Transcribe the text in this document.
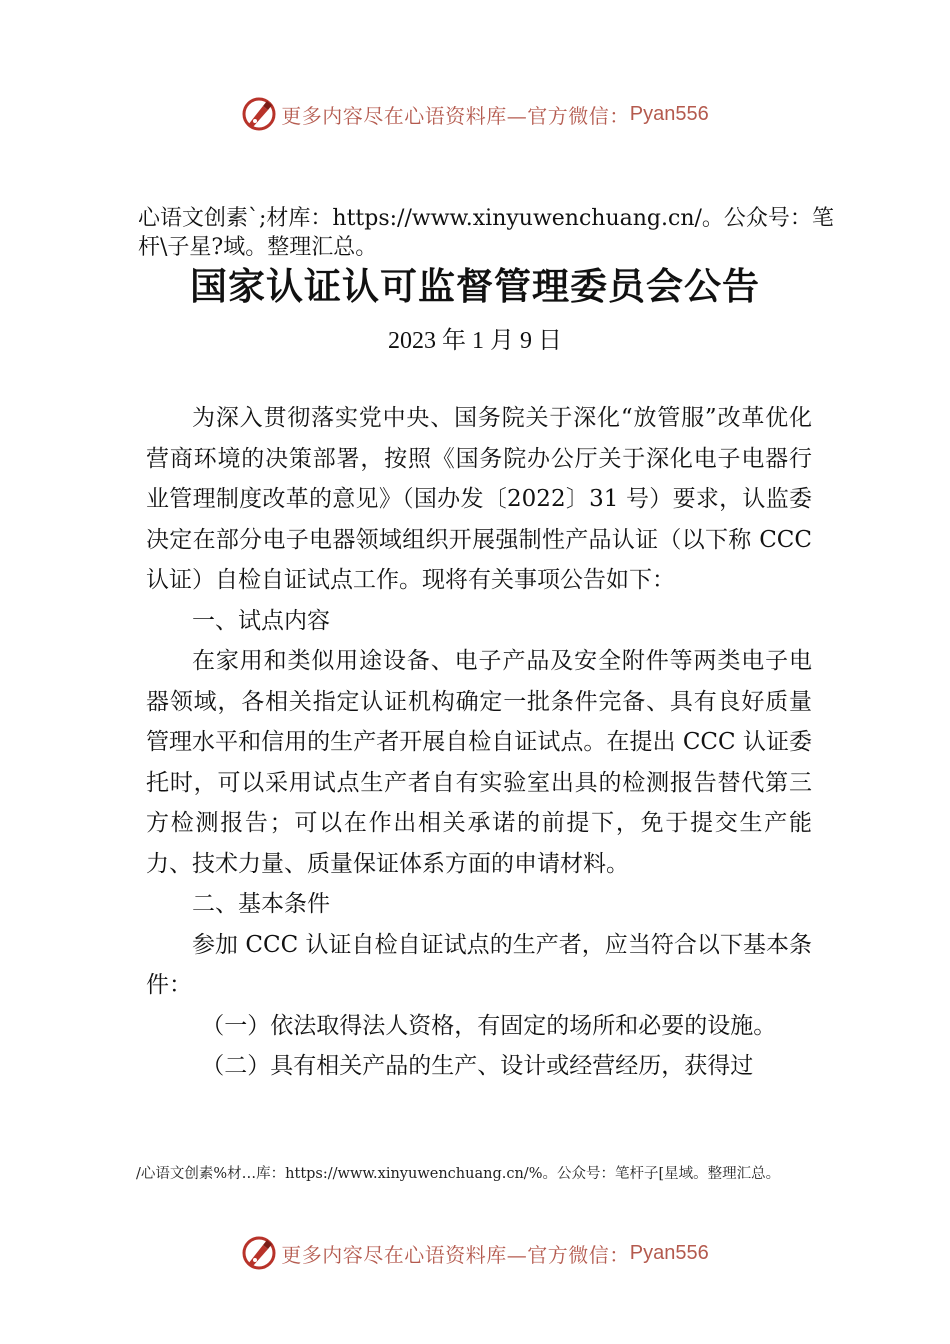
更多内容尽在心语资料库—官方微信： Pyan556
心语文创素`;材库：https://www.xinyuwenchuang.cn/。公众号：笔杆\子星?域。整理汇总。
国家认证认可监督管理委员会公告
2023 年 1 月 9 日

为深入贯彻落实党中央、国务院关于深化“放管服”改革优化营商环境的决策部署，按照《国务院办公厅关于深化电子电器行业管理制度改革的意见》（国办发〔2022〕31 号）要求，认监委决定在部分电子电器领域组织开展强制性产品认证（以下称 CCC 认证）自检自证试点工作。现将有关事项公告如下：

一、试点内容

在家用和类似用途设备、电子产品及安全附件等两类电子电器领域，各相关指定认证机构确定一批条件完备、具有良好质量管理水平和信用的生产者开展自检自证试点。在提出 CCC 认证委托时，可以采用试点生产者自有实验室出具的检测报告替代第三方检测报告；可以在作出相关承诺的前提下，免于提交生产能力、技术力量、质量保证体系方面的申请材料。

二、基本条件

参加 CCC 认证自检自证试点的生产者，应当符合以下基本条件：

（一）依法取得法人资格，有固定的场所和必要的设施。

（二）具有相关产品的生产、设计或经营经历，获得过

/心语文创素%材…库：https://www.xinyuwenchuang.cn/%。公众号：笔杆子[星域。整理汇总。
更多内容尽在心语资料库—官方微信： Pyan556
